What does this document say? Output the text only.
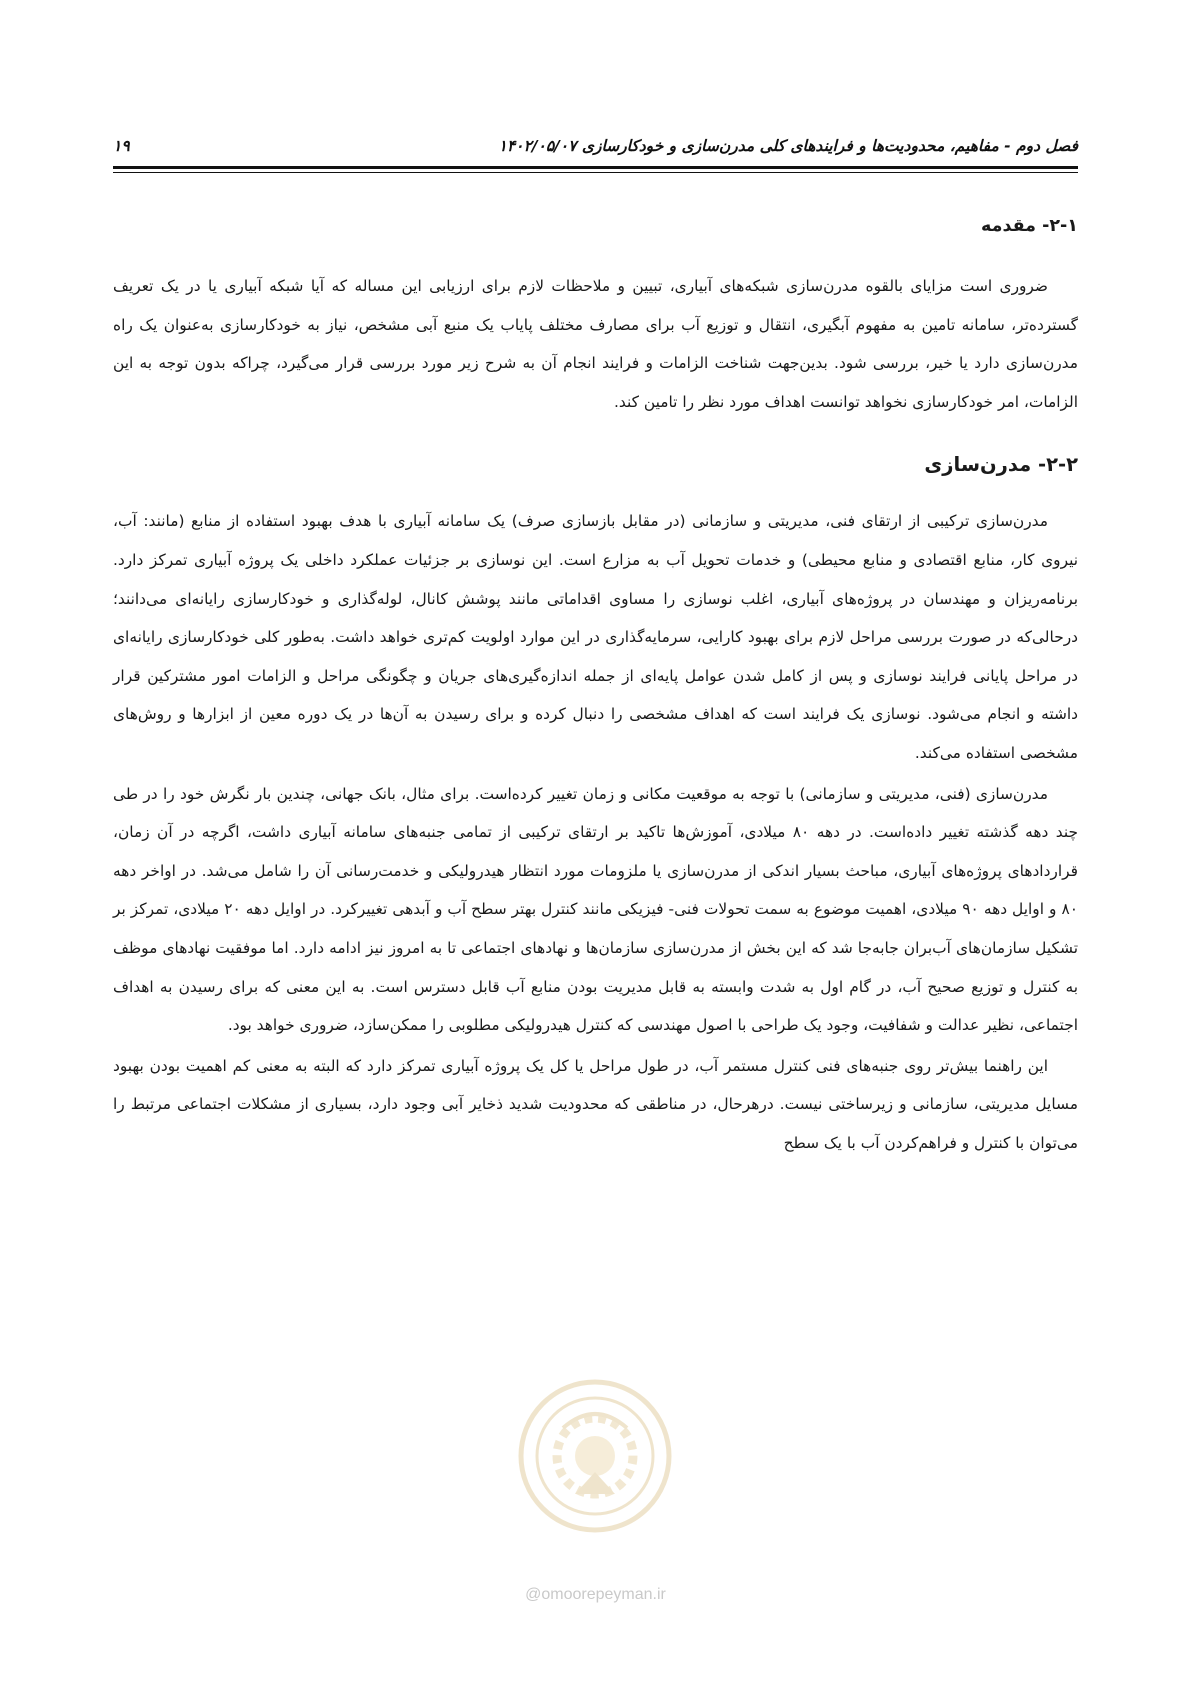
فصل دوم - مفاهیم، محدودیت‌ها و فرایندهای کلی مدرن‌سازی و خودکارسازی ۱۴۰۲/۰۵/۰۷
۱۹
۲-۱- مقدمه

ضروری است مزایای بالقوه مدرن‌سازی شبکه‌های آبیاری، تبیین و ملاحظات لازم برای ارزیابی این مساله که آیا شبکه آبیاری یا در یک تعریف گسترده‌تر، سامانه تامین به مفهوم آبگیری، انتقال و توزیع آب برای مصارف مختلف پایاب یک منبع آبی مشخص، نیاز به خودکارسازی به‌عنوان یک راه مدرن‌سازی دارد یا خیر، بررسی شود. بدین‌جهت شناخت الزامات و فرایند انجام آن به شرح زیر مورد بررسی قرار می‌گیرد، چراکه بدون توجه به این الزامات، امر خودکارسازی نخواهد توانست اهداف مورد نظر را تامین کند.

۲-۲- مدرن‌سازی

مدرن‌سازی ترکیبی از ارتقای فنی، مدیریتی و سازمانی (در مقابل بازسازی صرف) یک سامانه آبیاری با هدف بهبود استفاده از منابع (مانند: آب، نیروی کار، منابع اقتصادی و منابع محیطی) و خدمات تحویل آب به مزارع است. این نوسازی بر جزئیات عملکرد داخلی یک پروژه آبیاری تمرکز دارد. برنامه‌ریزان و مهندسان در پروژه‌های آبیاری، اغلب نوسازی را مساوی اقداماتی مانند پوشش کانال، لوله‌گذاری و خودکارسازی رایانه‌ای می‌دانند؛ درحالی‌که در صورت بررسی مراحل لازم برای بهبود کارایی، سرمایه‌گذاری در این موارد اولویت کم‌تری خواهد داشت. به‌طور کلی خودکارسازی رایانه‌ای در مراحل پایانی فرایند نوسازی و پس از کامل شدن عوامل پایه‌ای از جمله اندازه‌گیری‌های جریان و چگونگی مراحل و الزامات امور مشترکین قرار داشته و انجام می‌شود. نوسازی یک فرایند است که اهداف مشخصی را دنبال کرده و برای رسیدن به آن‌ها در یک دوره معین از ابزارها و روش‌های مشخصی استفاده می‌کند.

مدرن‌سازی (فنی، مدیریتی و سازمانی) با توجه به موقعیت مکانی و زمان تغییر کرده‌است. برای مثال، بانک جهانی، چندین بار نگرش خود را در طی چند دهه گذشته تغییر داده‌است. در دهه ۸۰ میلادی، آموزش‌ها تاکید بر ارتقای ترکیبی از تمامی جنبه‌های سامانه آبیاری داشت، اگرچه در آن زمان، قراردادهای پروژه‌های آبیاری، مباحث بسیار اندکی از مدرن‌سازی یا ملزومات مورد انتظار هیدرولیکی و خدمت‌رسانی آن را شامل می‌شد. در اواخر دهه ۸۰ و اوایل دهه ۹۰ میلادی، اهمیت موضوع به سمت تحولات فنی- فیزیکی مانند کنترل بهتر سطح آب و آبدهی تغییرکرد. در اوایل دهه ۲۰ میلادی، تمرکز بر تشکیل سازمان‌های آب‌بران جابه‌جا شد که این بخش از مدرن‌سازی سازمان‌ها و نهادهای اجتماعی تا به امروز نیز ادامه دارد. اما موفقیت نهادهای موظف به کنترل و توزیع صحیح آب، در گام اول به شدت وابسته به قابل مدیریت بودن منابع آب قابل دسترس است. به این معنی که برای رسیدن به اهداف اجتماعی، نظیر عدالت و شفافیت، وجود یک طراحی با اصول مهندسی که کنترل هیدرولیکی مطلوبی را ممکن‌سازد، ضروری خواهد بود.

این راهنما بیش‌تر روی جنبه‌های فنی کنترل مستمر آب، در طول مراحل یا کل یک پروژه آبیاری تمرکز دارد که البته به معنی کم اهمیت بودن بهبود مسایل مدیریتی، سازمانی و زیرساختی نیست. درهرحال، در مناطقی که محدودیت شدید ذخایر آبی وجود دارد، بسیاری از مشکلات اجتماعی مرتبط را می‌توان با کنترل و فراهم‌کردن آب با یک سطح

@omoorepeyman.ir
